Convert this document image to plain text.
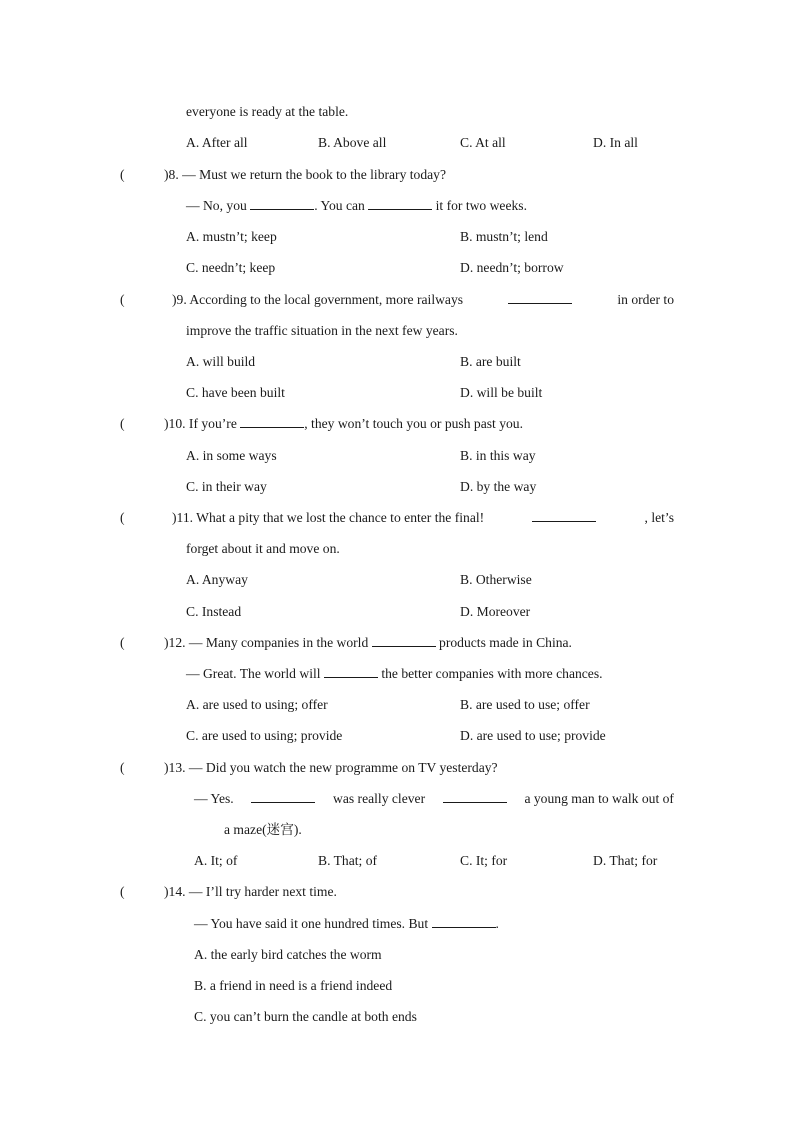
everyone is ready at the table.
A. After all	B. Above all	C. At all	D. In all
(	)8. — Must we return the book to the library today?
— No, you	. You can	it for two weeks.
A. mustn’t; keep	B. mustn’t; lend
C. needn’t; keep	D. needn’t; borrow
(	)9. According to the local government, more railways	in order to
improve the traffic situation in the next few years.
A. will build	B. are built
C. have been built	D. will be built
(	)10. If you’re	, they won’t touch you or push past you.
A. in some ways	B. in this way
C. in their way	D. by the way
(	)11. What a pity that we lost the chance to enter the final!	, let’s
forget about it and move on.
A. Anyway	B. Otherwise
C. Instead	D. Moreover
(	)12. — Many companies in the world	products made in China.
— Great. The world will	the better companies with more chances.
A. are used to using; offer	B. are used to use; offer
C. are used to using; provide	D. are used to use; provide
(	)13. — Did you watch the new programme on TV yesterday?
— Yes.	was really clever	a young man to walk out of
a maze(迷宫).
A. It; of	B. That; of	C. It; for	D. That; for
(	)14. — I’ll try harder next time.
— You have said it one hundred times. But	.
A. the early bird catches the worm
B. a friend in need is a friend indeed
C. you can’t burn the candle at both ends
